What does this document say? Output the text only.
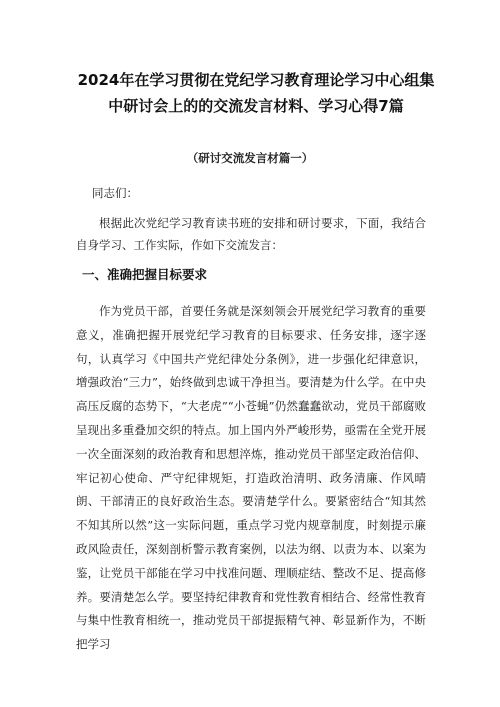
2024年在学习贯彻在党纪学习教育理论学习中心组集
中研讨会上的的交流发言材料、学习心得7篇
（研讨交流发言材篇一）
同志们：
根据此次党纪学习教育读书班的安排和研讨要求，下面，我结合自身学习、工作实际，作如下交流发言：
一、准确把握目标要求
作为党员干部，首要任务就是深刻领会开展党纪学习教育的重要意义，准确把握开展党纪学习教育的目标要求、任务安排，逐字逐句，认真学习《中国共产党纪律处分条例》，进一步强化纪律意识，增强政治“三力”，始终做到忠诚干净担当。要清楚为什么学。在中央高压反腐的态势下，“大老虎”“小苍蝇”仍然蠢蠢欲动，党员干部腐败呈现出多重叠加交织的特点。加上国内外严峻形势，亟需在全党开展一次全面深刻的政治教育和思想淬炼，推动党员干部坚定政治信仰、牢记初心使命、严守纪律规矩，打造政治清明、政务清廉、作风晴朗、干部清正的良好政治生态。要清楚学什么。要紧密结合“知其然不知其所以然”这一实际问题，重点学习党内规章制度，时刻提示廉政风险责任，深刻剖析警示教育案例，以法为纲、以责为本、以案为鉴，让党员干部能在学习中找准问题、理顺症结、整改不足、提高修养。要清楚怎么学。要坚持纪律教育和党性教育相结合、经常性教育与集中性教育相统一，推动党员干部提振精气神、彰显新作为，不断把学习
